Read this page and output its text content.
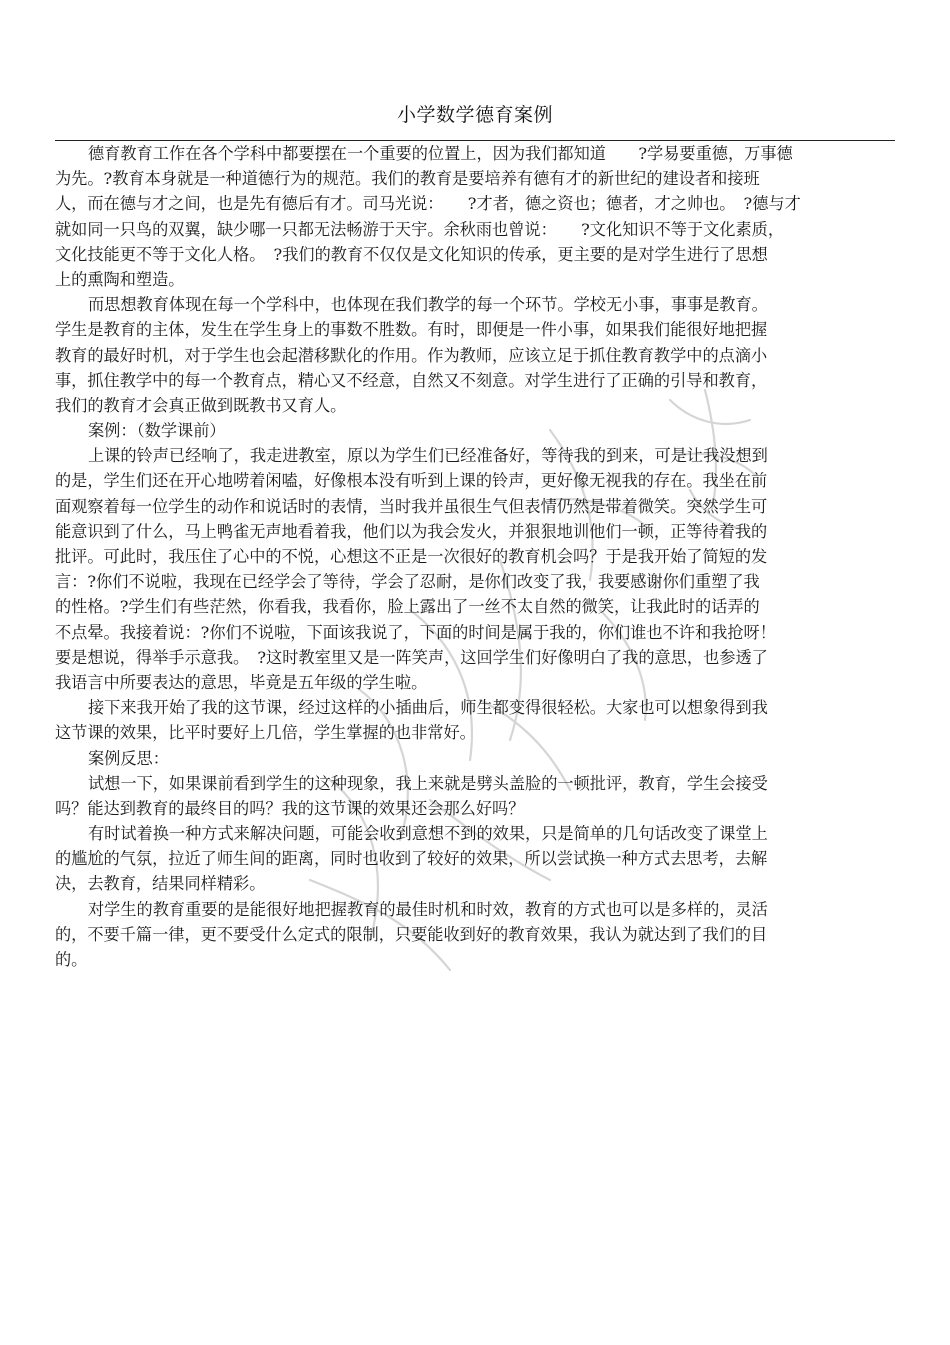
小学数学德育案例
德育教育工作在各个学科中都要摆在一个重要的位置上，因为我们都知道　　?学易要重德，万事德
为先。?教育本身就是一种道德行为的规范。我们的教育是要培养有德有才的新世纪的建设者和接班
人，而在德与才之间，也是先有德后有才。司马光说：　　?才者，德之资也；德者，才之帅也。　?德与才
就如同一只鸟的双翼，缺少哪一只都无法畅游于天宇。余秋雨也曾说：　　?文化知识不等于文化素质，
文化技能更不等于文化人格。　?我们的教育不仅仅是文化知识的传承，更主要的是对学生进行了思想
上的熏陶和塑造。
而思想教育体现在每一个学科中，也体现在我们教学的每一个环节。学校无小事，事事是教育。
学生是教育的主体，发生在学生身上的事数不胜数。有时，即便是一件小事，如果我们能很好地把握
教育的最好时机，对于学生也会起潜移默化的作用。作为教师，应该立足于抓住教育教学中的点滴小
事，抓住教学中的每一个教育点，精心又不经意，自然又不刻意。对学生进行了正确的引导和教育，
我们的教育才会真正做到既教书又育人。
案例：（数学课前）
上课的铃声已经响了，我走进教室，原以为学生们已经准备好，等待我的到来，可是让我没想到
的是，学生们还在开心地唠着闲嗑，好像根本没有听到上课的铃声，更好像无视我的存在。我坐在前
面观察着每一位学生的动作和说话时的表情，当时我并虽很生气但表情仍然是带着微笑。突然学生可
能意识到了什么，马上鸭雀无声地看着我，他们以为我会发火，并狠狠地训他们一顿，正等待着我的
批评。可此时，我压住了心中的不悦，心想这不正是一次很好的教育机会吗？于是我开始了简短的发
言：?你们不说啦，我现在已经学会了等待，学会了忍耐，是你们改变了我，我要感谢你们重塑了我
的性格。?学生们有些茫然，你看我，我看你，脸上露出了一丝不太自然的微笑，让我此时的话弄的
不点晕。我接着说：?你们不说啦，下面该我说了，下面的时间是属于我的，你们谁也不许和我抢呀！
要是想说，得举手示意我。　?这时教室里又是一阵笑声，这回学生们好像明白了我的意思，也参透了
我语言中所要表达的意思，毕竟是五年级的学生啦。
接下来我开始了我的这节课，经过这样的小插曲后，师生都变得很轻松。大家也可以想象得到我
这节课的效果，比平时要好上几倍，学生掌握的也非常好。
案例反思：
试想一下，如果课前看到学生的这种现象，我上来就是劈头盖脸的一顿批评，教育，学生会接受
吗？能达到教育的最终目的吗？我的这节课的效果还会那么好吗？
有时试着换一种方式来解决问题，可能会收到意想不到的效果，只是简单的几句话改变了课堂上
的尴尬的气氛，拉近了师生间的距离，同时也收到了较好的效果，所以尝试换一种方式去思考，去解
决，去教育，结果同样精彩。
对学生的教育重要的是能很好地把握教育的最佳时机和时效，教育的方式也可以是多样的，灵活
的，不要千篇一律，更不要受什么定式的限制，只要能收到好的教育效果，我认为就达到了我们的目
的。
